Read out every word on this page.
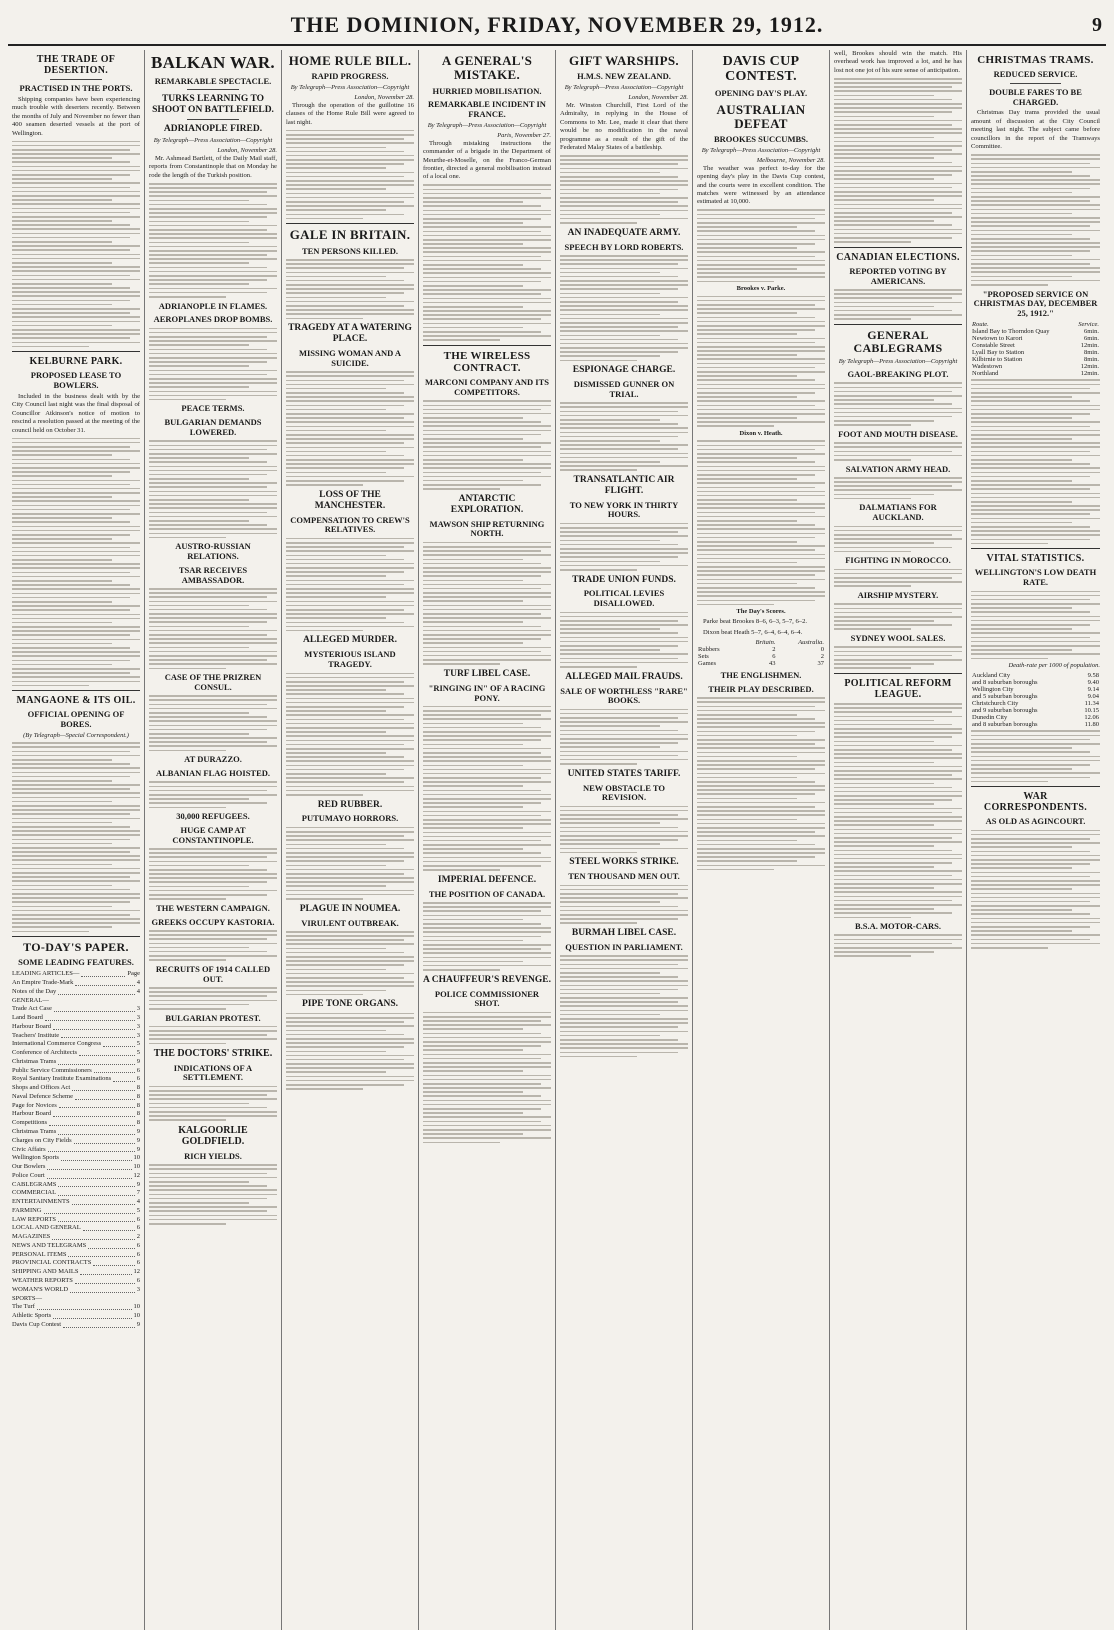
THE DOMINION, FRIDAY, NOVEMBER 29, 1912.	9
THE TRADE OF DESERTION.
PRACTISED IN THE PORTS.

Shipping companies have been experiencing much trouble with deserters recently. Between the months of July and November no fewer than 400 seamen deserted vessels at the port of Wellington.

KELBURNE PARK.
PROPOSED LEASE TO BOWLERS.

Included in the business dealt with by the City Council last night was the final disposal of Councillor Atkinson's notice of motion to rescind a resolution passed at the meeting of the council held on October 31.

MANGAONE & ITS OIL.
OFFICIAL OPENING OF BORES.
(By Telegraph—Special Correspondent.)
TO-DAY'S PAPER.
SOME LEADING FEATURES.
LEADING ARTICLES—	Page
An Empire Trade-Mark	4
Notes of the Day	4
GENERAL—
Trade Act Case	3
Land Board	3
Harbour Board	3
Teachers' Institute	3
International Commerce Congress	5
Conference of Architects	5
Christmas Trams	9
Public Service Commissioners	6
Royal Sanitary Institute Examinations	6
Shops and Offices Act	8
Naval Defence Scheme	8
Page for Novices	8
Harbour Board	8
Competitions	8
Christmas Trams	9
Charges on City Fields	9
Civic Affairs	9
Wellington Sports	10
Our Bowlers	10
Police Court	12
CABLEGRAMS	9
COMMERCIAL	7
ENTERTAINMENTS	4
FARMING	5
LAW REPORTS	6
LOCAL AND GENERAL	6
MAGAZINES	2
NEWS AND TELEGRAMS	6
PERSONAL ITEMS	6
PROVINCIAL CONTRACTS	6
SHIPPING AND MAILS	12
WEATHER REPORTS	6
WOMAN'S WORLD	3
SPORTS—
The Turf	10
Athletic Sports	10
Davis Cup Contest	9
BALKAN WAR.
REMARKABLE SPECTACLE.
TURKS LEARNING TO SHOOT ON BATTLEFIELD.
ADRIANOPLE FIRED.
By Telegraph—Press Association—Copyright
London, November 28.

Mr. Ashmead Bartlett, of the Daily Mail staff, reports from Constantinople that on Monday he rode the length of the Turkish position.

ADRIANOPLE IN FLAMES.
AEROPLANES DROP BOMBS.
PEACE TERMS.
BULGARIAN DEMANDS LOWERED.
AUSTRO-RUSSIAN RELATIONS.
TSAR RECEIVES AMBASSADOR.
CASE OF THE PRIZREN CONSUL.
AT DURAZZO.
ALBANIAN FLAG HOISTED.
30,000 REFUGEES.
HUGE CAMP AT CONSTANTINOPLE.
THE WESTERN CAMPAIGN.
GREEKS OCCUPY KASTORIA.
RECRUITS OF 1914 CALLED OUT.
BULGARIAN PROTEST.
THE DOCTORS' STRIKE.
INDICATIONS OF A SETTLEMENT.
KALGOORLIE GOLDFIELD.
RICH YIELDS.
HOME RULE BILL.
RAPID PROGRESS.
By Telegraph—Press Association—Copyright
London, November 28.

Through the operation of the guillotine 16 clauses of the Home Rule Bill were agreed to last night.

GALE IN BRITAIN.
TEN PERSONS KILLED.
TRAGEDY AT A WATERING PLACE.
MISSING WOMAN AND A SUICIDE.
LOSS OF THE MANCHESTER.
COMPENSATION TO CREW'S RELATIVES.
ALLEGED MURDER.
MYSTERIOUS ISLAND TRAGEDY.
RED RUBBER.
PUTUMAYO HORRORS.
PLAGUE IN NOUMEA.
VIRULENT OUTBREAK.
PIPE TONE ORGANS.
A GENERAL'S MISTAKE.
HURRIED MOBILISATION.
REMARKABLE INCIDENT IN FRANCE.
By Telegraph—Press Association—Copyright
Paris, November 27.

Through mistaking instructions the commander of a brigade in the Department of Meurthe-et-Moselle, on the Franco-German frontier, directed a general mobilisation instead of a local one.

THE WIRELESS CONTRACT.
MARCONI COMPANY AND ITS COMPETITORS.
ANTARCTIC EXPLORATION.
MAWSON SHIP RETURNING NORTH.
TURF LIBEL CASE.
"RINGING IN" OF A RACING PONY.
IMPERIAL DEFENCE.
THE POSITION OF CANADA.
A CHAUFFEUR'S REVENGE.
POLICE COMMISSIONER SHOT.
GIFT WARSHIPS.
H.M.S. NEW ZEALAND.
By Telegraph—Press Association—Copyright
London, November 28.

Mr. Winston Churchill, First Lord of the Admiralty, in replying in the House of Commons to Mr. Lee, made it clear that there would be no modification in the naval programme as a result of the gift of the Federated Malay States of a battleship.

AN INADEQUATE ARMY.
SPEECH BY LORD ROBERTS.
ESPIONAGE CHARGE.
DISMISSED GUNNER ON TRIAL.
TRANSATLANTIC AIR FLIGHT.
TO NEW YORK IN THIRTY HOURS.
TRADE UNION FUNDS.
POLITICAL LEVIES DISALLOWED.
ALLEGED MAIL FRAUDS.
SALE OF WORTHLESS "RARE" BOOKS.
UNITED STATES TARIFF.
NEW OBSTACLE TO REVISION.
STEEL WORKS STRIKE.
TEN THOUSAND MEN OUT.
BURMAH LIBEL CASE.
QUESTION IN PARLIAMENT.
DAVIS CUP CONTEST.
OPENING DAY'S PLAY.
AUSTRALIAN DEFEAT
BROOKES SUCCUMBS.
By Telegraph—Press Association—Copyright
Melbourne, November 28.

The weather was perfect to-day for the opening day's play in the Davis Cup contest, and the courts were in excellent condition. The matches were witnessed by an attendance estimated at 10,000.

Brookes v. Parke.
Dixon v. Heath.
The Day's Scores.

Parke beat Brookes 8–6, 6–3, 5–7, 6–2.

Dixon beat Heath 5–7, 6–4, 6–4, 6–4.

	Britain.	Australia.
Rubbers	2	0
Sets	6	2
Games	43	37
THE ENGLISHMEN.
THEIR PLAY DESCRIBED.

well, Brookes should win the match. His overhead work has improved a lot, and he has lost not one jot of his sure sense of anticipation.

CANADIAN ELECTIONS.
REPORTED VOTING BY AMERICANS.
GENERAL CABLEGRAMS
By Telegraph—Press Association—Copyright
GAOL-BREAKING PLOT.
FOOT AND MOUTH DISEASE.
SALVATION ARMY HEAD.
DALMATIANS FOR AUCKLAND.
FIGHTING IN MOROCCO.
AIRSHIP MYSTERY.
SYDNEY WOOL SALES.
POLITICAL REFORM LEAGUE.
B.S.A. MOTOR-CARS.
CHRISTMAS TRAMS.
REDUCED SERVICE.
DOUBLE FARES TO BE CHARGED.

Christmas Day trams provided the usual amount of discussion at the City Council meeting last night. The subject came before councillors in the report of the Tramways Committee.

"PROPOSED SERVICE ON CHRISTMAS DAY, DECEMBER 25, 1912."
Route.	Service.
Island Bay to Thorndon Quay	6min.
Newtown to Karori	6min.
Constable Street	12min.
Lyall Bay to Station	8min.
Kilbirnie to Station	8min.
Wadestown	12min.
Northland	12min.
VITAL STATISTICS.
WELLINGTON'S LOW DEATH RATE.
Death-rate per 1000 of population.
Auckland City	9.58
and 8 suburban boroughs	9.40
Wellington City	9.14
and 5 suburban boroughs	9.04
Christchurch City	11.34
and 9 suburban boroughs	10.15
Dunedin City	12.06
and 8 suburban boroughs	11.80
WAR CORRESPONDENTS.
AS OLD AS AGINCOURT.
